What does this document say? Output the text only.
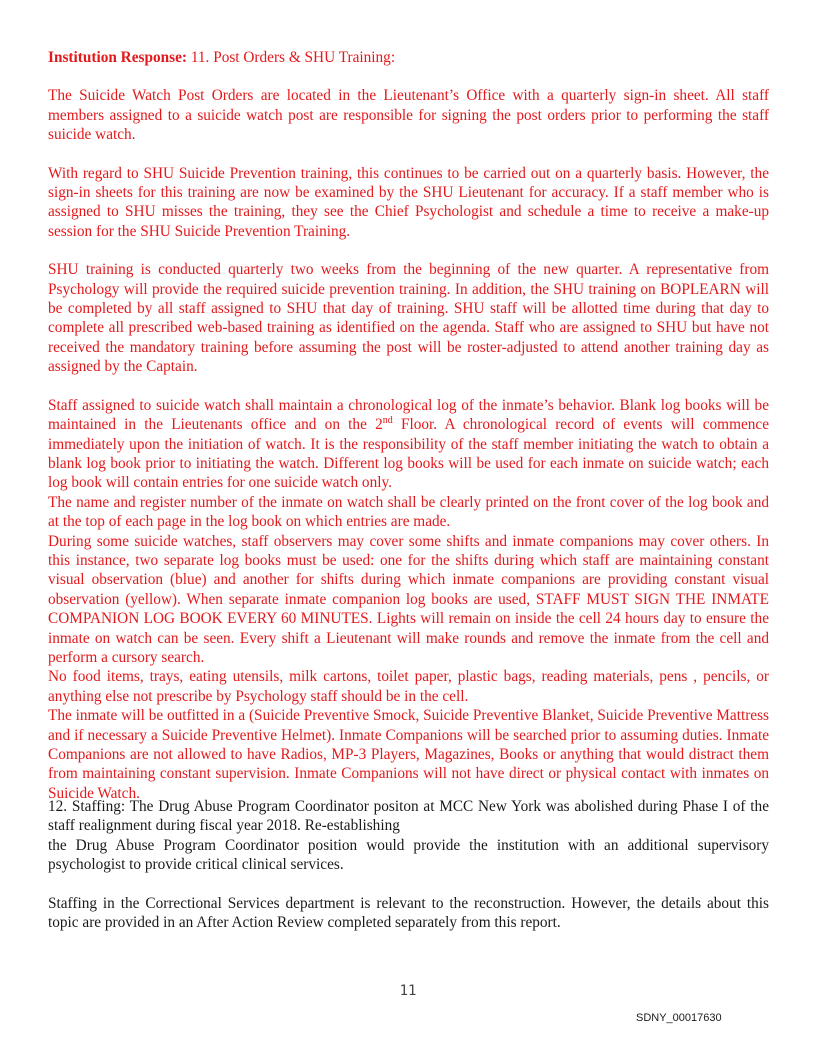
Institution Response: 11. Post Orders & SHU Training:

The Suicide Watch Post Orders are located in the Lieutenant’s Office with a quarterly sign-in sheet. All staff members assigned to a suicide watch post are responsible for signing the post orders prior to performing the staff suicide watch.

With regard to SHU Suicide Prevention training, this continues to be carried out on a quarterly basis. However, the sign-in sheets for this training are now be examined by the SHU Lieutenant for accuracy. If a staff member who is assigned to SHU misses the training, they see the Chief Psychologist and schedule a time to receive a make-up session for the SHU Suicide Prevention Training.

SHU training is conducted quarterly two weeks from the beginning of the new quarter. A representative from Psychology will provide the required suicide prevention training. In addition, the SHU training on BOPLEARN will be completed by all staff assigned to SHU that day of training. SHU staff will be allotted time during that day to complete all prescribed web-based training as identified on the agenda. Staff who are assigned to SHU but have not received the mandatory training before assuming the post will be roster-adjusted to attend another training day as assigned by the Captain.

Staff assigned to suicide watch shall maintain a chronological log of the inmate’s behavior. Blank log books will be maintained in the Lieutenants office and on the 2nd Floor. A chronological record of events will commence immediately upon the initiation of watch. It is the responsibility of the staff member initiating the watch to obtain a blank log book prior to initiating the watch. Different log books will be used for each inmate on suicide watch; each log book will contain entries for one suicide watch only.

The name and register number of the inmate on watch shall be clearly printed on the front cover of the log book and at the top of each page in the log book on which entries are made.

During some suicide watches, staff observers may cover some shifts and inmate companions may cover others. In this instance, two separate log books must be used: one for the shifts during which staff are maintaining constant visual observation (blue) and another for shifts during which inmate companions are providing constant visual observation (yellow). When separate inmate companion log books are used, STAFF MUST SIGN THE INMATE COMPANION LOG BOOK EVERY 60 MINUTES. Lights will remain on inside the cell 24 hours day to ensure the inmate on watch can be seen. Every shift a Lieutenant will make rounds and remove the inmate from the cell and perform a cursory search.

No food items, trays, eating utensils, milk cartons, toilet paper, plastic bags, reading materials, pens , pencils, or anything else not prescribe by Psychology staff should be in the cell.

The inmate will be outfitted in a (Suicide Preventive Smock, Suicide Preventive Blanket, Suicide Preventive Mattress and if necessary a Suicide Preventive Helmet). Inmate Companions will be searched prior to assuming duties. Inmate Companions are not allowed to have Radios, MP-3 Players, Magazines, Books or anything that would distract them from maintaining constant supervision. Inmate Companions will not have direct or physical contact with inmates on Suicide Watch.

12. Staffing: The Drug Abuse Program Coordinator positon at MCC New York was abolished during Phase I of the staff realignment during fiscal year 2018. Re-establishing

the Drug Abuse Program Coordinator position would provide the institution with an additional supervisory psychologist to provide critical clinical services.

Staffing in the Correctional Services department is relevant to the reconstruction. However, the details about this topic are provided in an After Action Review completed separately from this report.

11
SDNY_00017630
